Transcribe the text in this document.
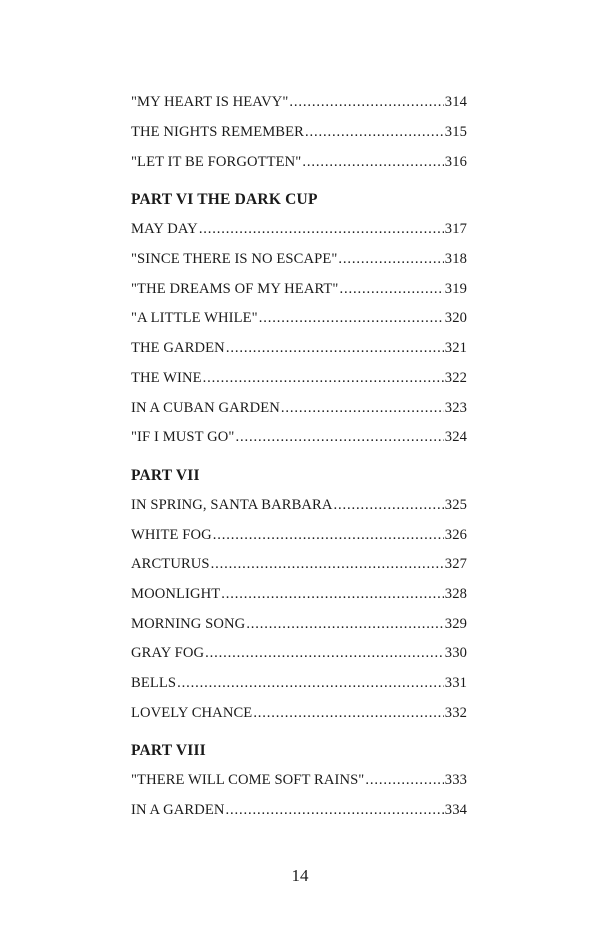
"MY HEART IS HEAVY" . . .	314
THE NIGHTS REMEMBER . . .	315
"LET IT BE FORGOTTEN" . . .	316
PART VI THE DARK CUP
MAY DAY . . .	317
"SINCE THERE IS NO ESCAPE" . . .	318
"THE DREAMS OF MY HEART" . . .	319
"A LITTLE WHILE" . . .	320
THE GARDEN . . .	321
THE WINE . . .	322
IN A CUBAN GARDEN . . .	323
"IF I MUST GO" . . .	324
PART VII
IN SPRING, SANTA BARBARA . . .	325
WHITE FOG . . .	326
ARCTURUS . . .	327
MOONLIGHT . . .	328
MORNING SONG . . .	329
GRAY FOG . . .	330
BELLS . . .	331
LOVELY CHANCE . . .	332
PART VIII
"THERE WILL COME SOFT RAINS" . . .	333
IN A GARDEN . . .	334
14
